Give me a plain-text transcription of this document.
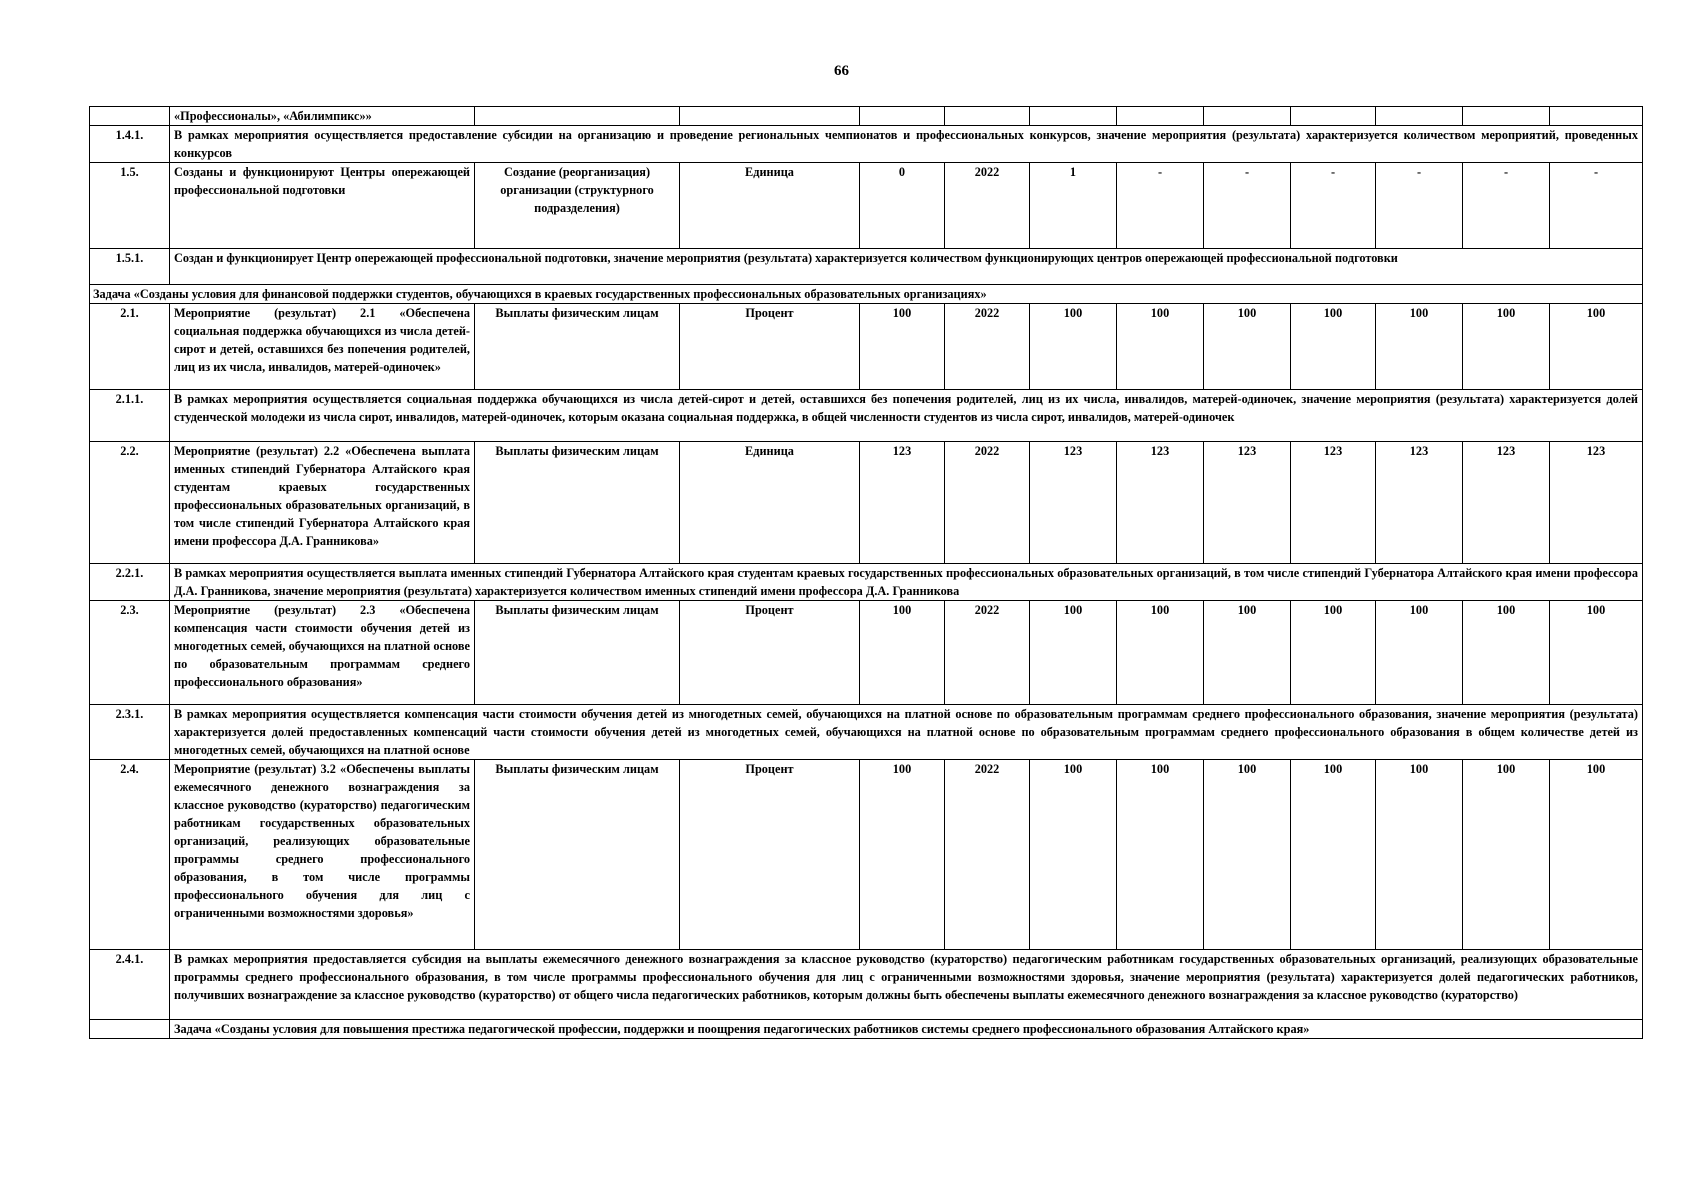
66
	«Профессионалы», «Абилимпикс»»											
1.4.1.	В рамках мероприятия осуществляется предоставление субсидии на организацию и проведение региональных чемпионатов и профессиональных конкурсов, значение мероприятия (результата) характеризуется количеством мероприятий, проведенных конкурсов											
1.5.	Созданы и функционируют Центры опережающей профессиональной подготовки	Создание (реорганизация) организации (структурного подразделения)	Единица	0	2022	1	-	-	-	-	-	-
1.5.1.	Создан и функционирует Центр опережающей профессиональной подготовки, значение мероприятия (результата) характеризуется количеством функционирующих центров опережающей профессиональной подготовки											
Задача «Созданы условия для финансовой поддержки студентов, обучающихся в краевых государственных профессиональных образовательных организациях»												
2.1.	Мероприятие (результат) 2.1 «Обеспечена социальная поддержка обучающихся из числа детей-сирот и детей, оставшихся без попечения родителей, лиц из их числа, инвалидов, матерей-одиночек»	Выплаты физическим лицам	Процент	100	2022	100	100	100	100	100	100	100
2.1.1.	В рамках мероприятия осуществляется социальная поддержка обучающихся из числа детей-сирот и детей, оставшихся без попечения родителей, лиц из их числа, инвалидов, матерей-одиночек, значение мероприятия (результата) характеризуется долей студенческой молодежи из числа сирот, инвалидов, матерей-одиночек, которым оказана социальная поддержка, в общей численности студентов из числа сирот, инвалидов, матерей-одиночек											
2.2.	Мероприятие (результат) 2.2 «Обеспечена выплата именных стипендий Губернатора Алтайского края студентам краевых государственных профессиональных образовательных организаций, в том числе стипендий Губернатора Алтайского края имени профессора Д.А. Гранникова»	Выплаты физическим лицам	Единица	123	2022	123	123	123	123	123	123	123
2.2.1.	В рамках мероприятия осуществляется выплата именных стипендий Губернатора Алтайского края студентам краевых государственных профессиональных образовательных организаций, в том числе стипендий Губернатора Алтайского края имени профессора Д.А. Гранникова, значение мероприятия (результата) характеризуется количеством именных стипендий имени профессора Д.А. Гранникова											
2.3.	Мероприятие (результат) 2.3 «Обеспечена компенсация части стоимости обучения детей из многодетных семей, обучающихся на платной основе по образовательным программам среднего профессионального образования»	Выплаты физическим лицам	Процент	100	2022	100	100	100	100	100	100	100
2.3.1.	В рамках мероприятия осуществляется компенсация части стоимости обучения детей из многодетных семей, обучающихся на платной основе по образовательным программам среднего профессионального образования, значение мероприятия (результата) характеризуется долей предоставленных компенсаций части стоимости обучения детей из многодетных семей, обучающихся на платной основе по образовательным программам среднего профессионального образования в общем количестве детей из многодетных семей, обучающихся на платной основе											
2.4.	Мероприятие (результат) 3.2 «Обеспечены выплаты ежемесячного денежного вознаграждения за классное руководство (кураторство) педагогическим работникам государственных образовательных организаций, реализующих образовательные программы среднего профессионального образования, в том числе программы профессионального обучения для лиц с ограниченными возможностями здоровья»	Выплаты физическим лицам	Процент	100	2022	100	100	100	100	100	100	100
2.4.1.	В рамках мероприятия предоставляется субсидия на выплаты ежемесячного денежного вознаграждения за классное руководство (кураторство) педагогическим работникам государственных образовательных организаций, реализующих образовательные программы среднего профессионального образования, в том числе программы профессионального обучения для лиц с ограниченными возможностями здоровья, значение мероприятия (результата) характеризуется долей педагогических работников, получивших вознаграждение за классное руководство (кураторство) от общего числа педагогических работников, которым должны быть обеспечены выплаты ежемесячного денежного вознаграждения за классное руководство (кураторство)											
	Задача «Созданы условия для повышения престижа педагогической профессии, поддержки и поощрения педагогических работников системы среднего профессионального образования Алтайского края»											
